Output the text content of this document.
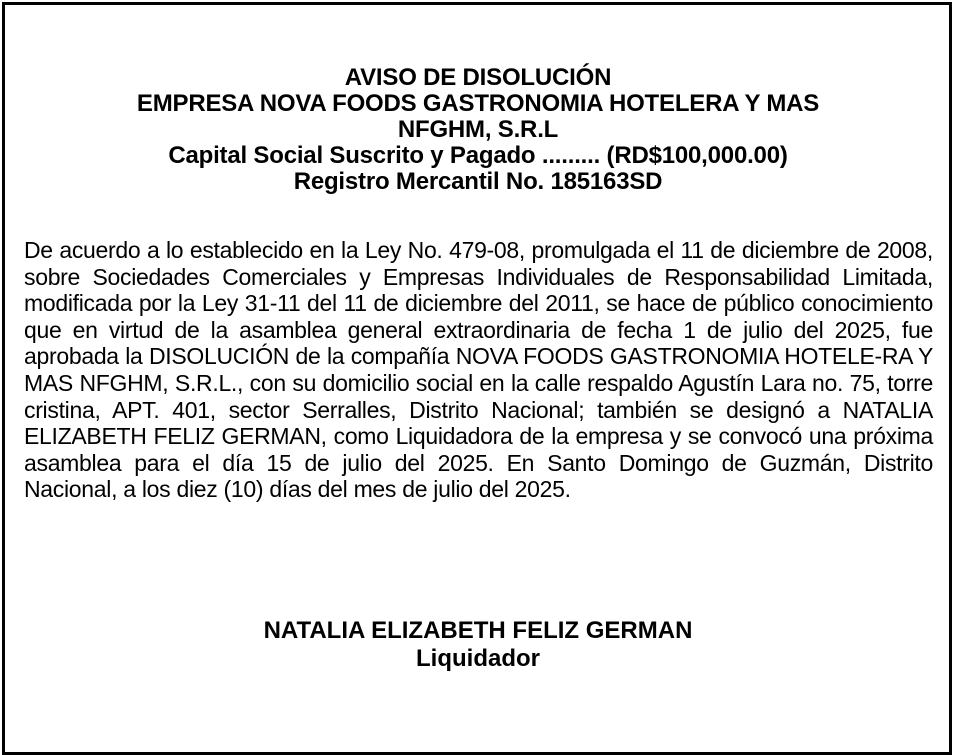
AVISO DE DISOLUCIÓN
EMPRESA NOVA FOODS GASTRONOMIA HOTELERA Y MAS
NFGHM, S.R.L
Capital Social Suscrito y Pagado ......... (RD$100,000.00)
Registro Mercantil No. 185163SD
De acuerdo a lo establecido en la Ley No. 479-08, promulgada el 11 de diciembre de 2008, sobre Sociedades Comerciales y Empresas Individuales de Responsabilidad Limitada, modificada por la Ley 31-11 del 11 de diciembre del 2011, se hace de público conocimiento que en virtud de la asamblea general extraordinaria de fecha 1 de julio del 2025, fue aprobada la DISOLUCIÓN de la compañía NOVA FOODS GASTRONOMIA HOTELE-RA Y MAS NFGHM, S.R.L., con su domicilio social en la calle respaldo Agustín Lara no. 75, torre cristina, APT. 401, sector Serralles, Distrito Nacional; también se designó a NATALIA ELIZABETH FELIZ GERMAN, como Liquidadora de la empresa y se convocó una próxima asamblea para el día 15 de julio del 2025. En Santo Domingo de Guzmán, Distrito Nacional, a los diez (10) días del mes de julio del 2025.
NATALIA ELIZABETH FELIZ GERMAN
Liquidador
